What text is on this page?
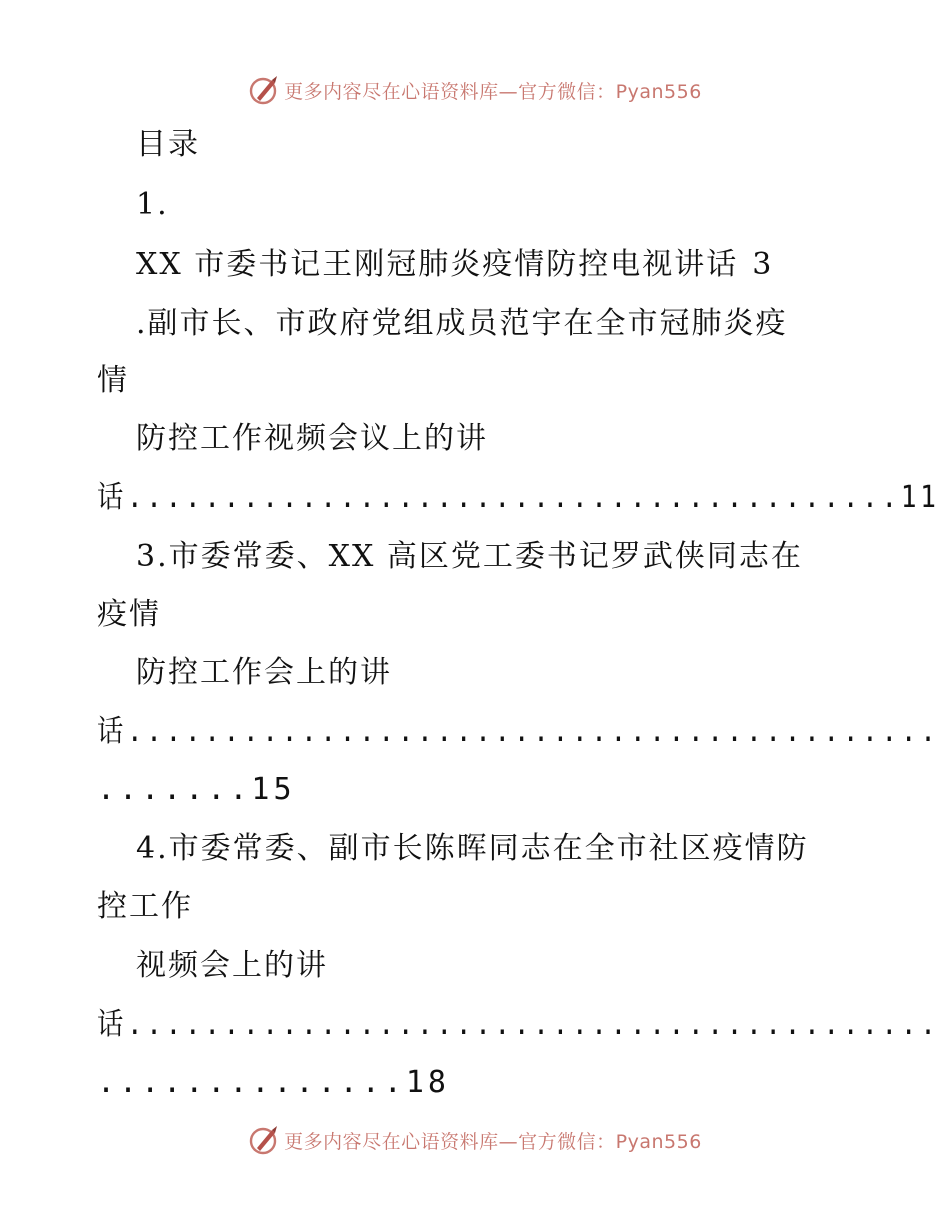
更多内容尽在心语资料库—官方微信：Pyan556
目录
1.
XX 市委书记王刚冠肺炎疫情防控电视讲话 3
.副市长、市政府党组成员范宇在全市冠肺炎疫
情
防控工作视频会议上的讲
话........................................11
3.市委常委、XX 高区党工委书记罗武侠同志在
疫情
防控工作会上的讲
话..........................................
.......15
4.市委常委、副市长陈晖同志在全市社区疫情防
控工作
视频会上的讲
话..........................................
..............18
更多内容尽在心语资料库—官方微信：Pyan556
